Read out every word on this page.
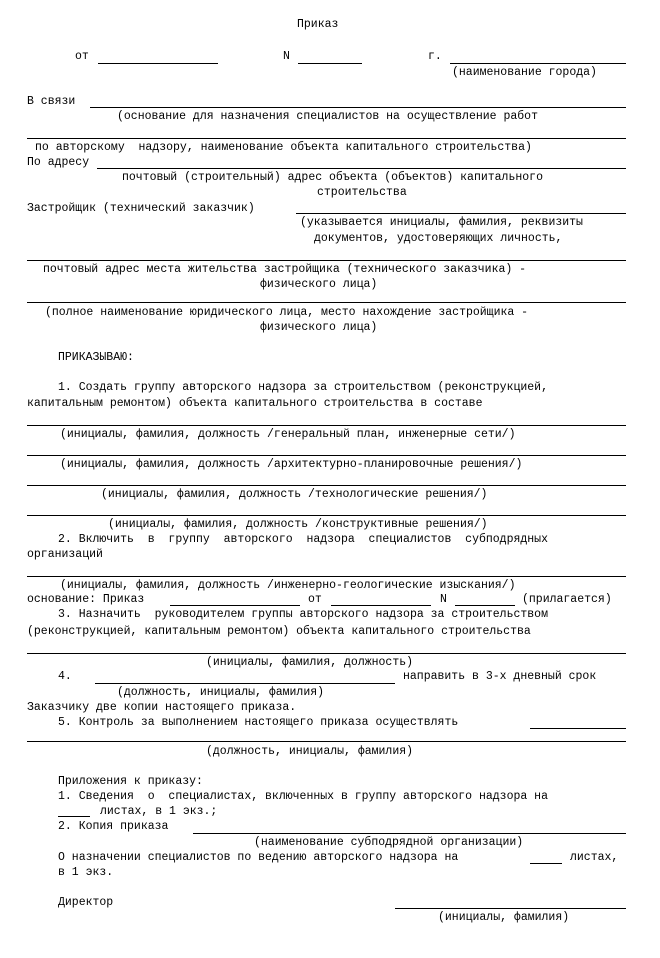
Приказ
от	N	г.
(наименование города)
В связи
(основание для назначения специалистов на осуществление работ
по авторскому  надзору, наименование объекта капитального строительства)
По адресу
почтовый (строительный) адрес объекта (объектов) капитального
строительства
Застройщик (технический заказчик)
(указывается инициалы, фамилия, реквизиты
документов, удостоверяющих личность,
почтовый адрес места жительства застройщика (технического заказчика) -
физического лица)
(полное наименование юридического лица, место нахождение застройщика -
физического лица)
ПРИКАЗЫВАЮ:
1. Создать группу авторского надзора за строительством (реконструкцией,
капитальным ремонтом) объекта капитального строительства в составе
(инициалы, фамилия, должность /генеральный план, инженерные сети/)
(инициалы, фамилия, должность /архитектурно-планировочные решения/)
(инициалы, фамилия, должность /технологические решения/)
(инициалы, фамилия, должность /конструктивные решения/)
2. Включить  в  группу  авторского  надзора  специалистов  субподрядных
организаций
(инициалы, фамилия, должность /инженерно-геологические изыскания/)
основание: Приказ	от	N	(прилагается)
3. Назначить  руководителем группы авторского надзора за строительством
(реконструкцией, капитальным ремонтом) объекта капитального строительства
(инициалы, фамилия, должность)
4.	направить в 3-х дневный срок
(должность, инициалы, фамилия)
Заказчику две копии настоящего приказа.
5. Контроль за выполнением настоящего приказа осуществлять
(должность, инициалы, фамилия)
Приложения к приказу:
1. Сведения  о  специалистах, включенных в группу авторского надзора на
листах, в 1 экз.;
2. Копия приказа
(наименование субподрядной организации)
О назначении специалистов по ведению авторского надзора на	листах,
в 1 экз.
Директор
(инициалы, фамилия)
